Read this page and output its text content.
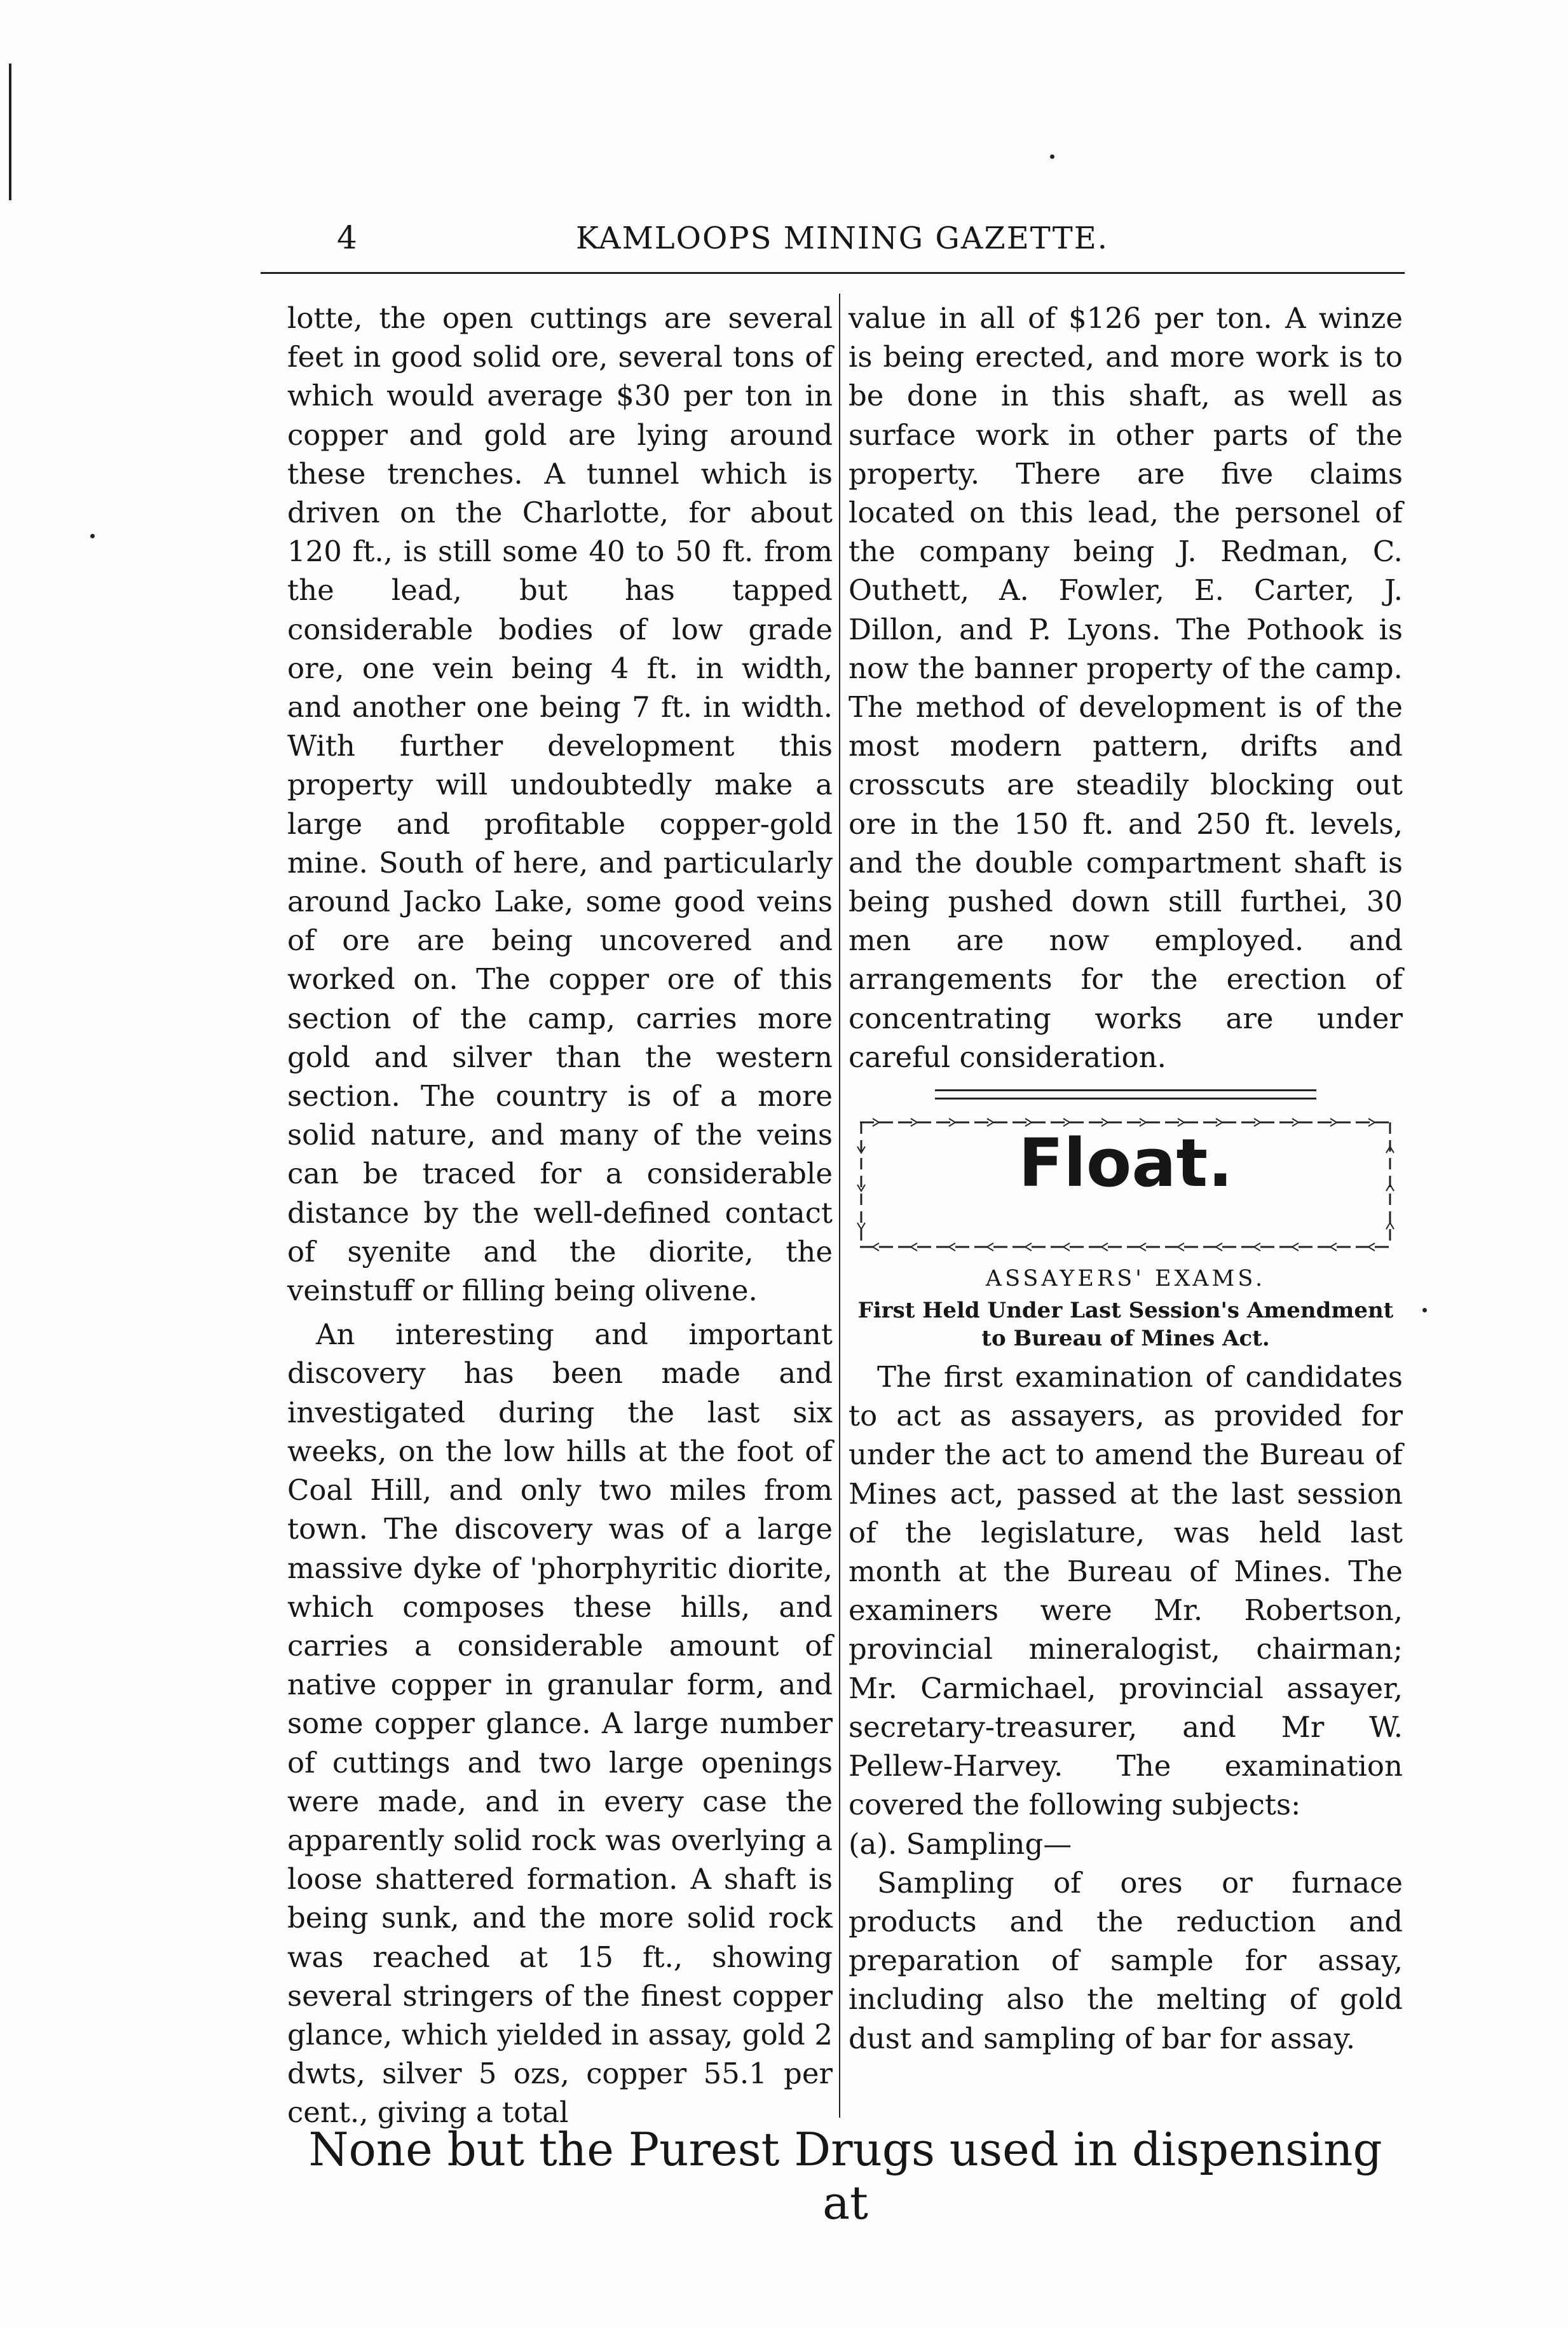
4	KAMLOOPS MINING GAZETTE.

lotte, the open cuttings are several feet in good solid ore, several tons of which would average $30 per ton in copper and gold are lying around these trenches. A tunnel which is driven on the Charlotte, for about 120 ft., is still some 40 to 50 ft. from the lead, but has tapped considerable bodies of low grade ore, one vein being 4 ft. in width, and another one being 7 ft. in width. With further development this property will undoubtedly make a large and profitable copper-gold mine. South of here, and particularly around Jacko Lake, some good veins of ore are being uncovered and worked on. The copper ore of this section of the camp, carries more gold and silver than the western section. The country is of a more solid nature, and many of the veins can be traced for a considerable distance by the well-defined contact of syenite and the diorite, the veinstuff or filling being olivene.

An interesting and important discovery has been made and investigated during the last six weeks, on the low hills at the foot of Coal Hill, and only two miles from town. The discovery was of a large massive dyke of 'phorphyritic diorite, which composes these hills, and carries a considerable amount of native copper in granular form, and some copper glance. A large number of cuttings and two large openings were made, and in every case the apparently solid rock was overlying a loose shattered formation. A shaft is being sunk, and the more solid rock was reached at 15 ft., showing several stringers of the finest copper glance, which yielded in assay, gold 2 dwts, silver 5 ozs, copper 55.1 per cent., giving a total

value in all of $126 per ton. A winze is being erected, and more work is to be done in this shaft, as well as surface work in other parts of the property. There are five claims located on this lead, the personel of the company being J. Redman, C. Outhett, A. Fowler, E. Carter, J. Dillon, and P. Lyons. The Pothook is now the banner property of the camp. The method of development is of the most modern pattern, drifts and crosscuts are steadily blocking out ore in the 150 ft. and 250 ft. levels, and the double compartment shaft is being pushed down still furthei, 30 men are now employed. and arrangements for the erection of concentrating works are under careful consideration.

Float.
ASSAYERS' EXAMS.
First Held Under Last Session's Amendment to Bureau of Mines Act.

The first examination of candidates to act as assayers, as provided for under the act to amend the Bureau of Mines act, passed at the last session of the legislature, was held last month at the Bureau of Mines. The examiners were Mr. Robertson, provincial mineralogist, chairman; Mr. Carmichael, provincial assayer, secretary-treasurer, and Mr W. Pellew-Harvey. The examination covered the following subjects:

(a). Sampling—

Sampling of ores or furnace products and the reduction and preparation of sample for assay, including also the melting of gold dust and sampling of bar for assay.

None but the Purest Drugs used in dispensing at
